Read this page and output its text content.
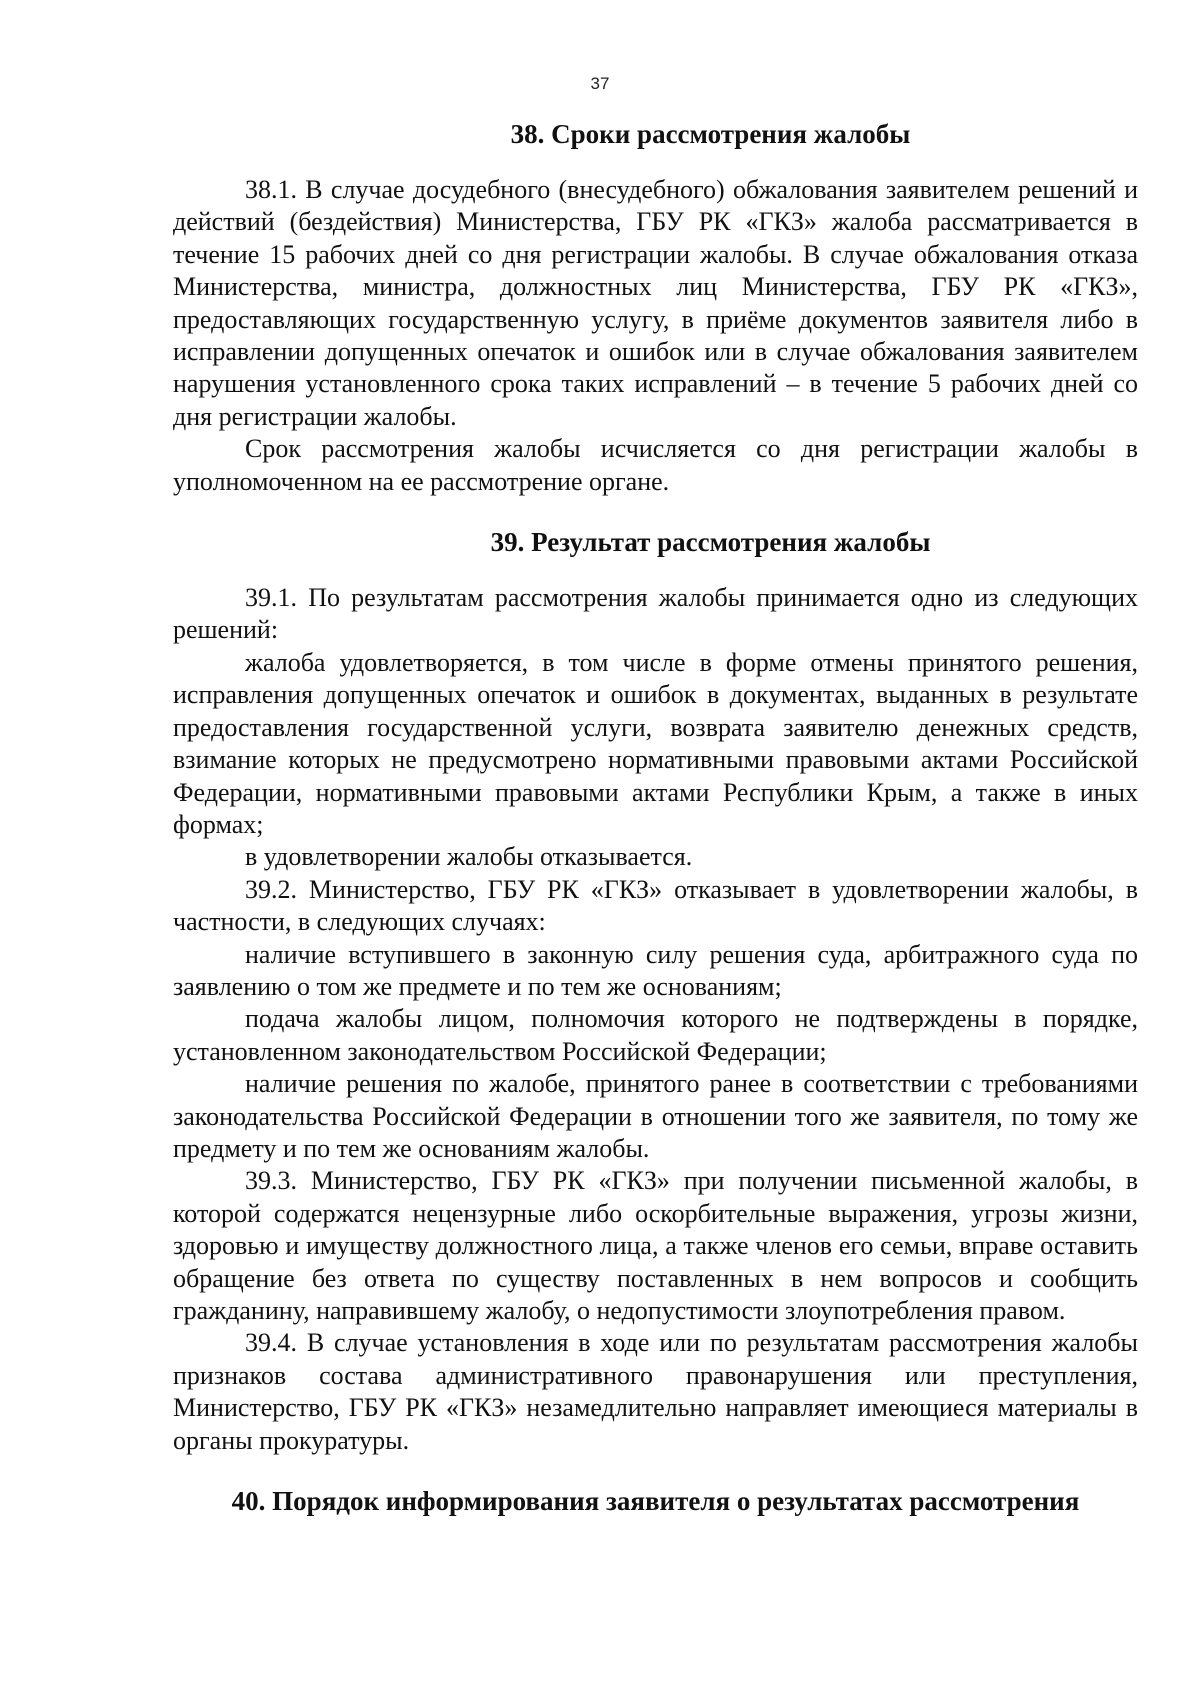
37
38. Сроки рассмотрения жалобы

38.1. В случае досудебного (внесудебного) обжалования заявителем решений и действий (бездействия) Министерства, ГБУ РК «ГКЗ» жалоба рассматривается в течение 15 рабочих дней со дня регистрации жалобы. В случае обжалования отказа Министерства, министра, должностных лиц Министерства, ГБУ РК «ГКЗ», предоставляющих государственную услугу, в приёме документов заявителя либо в исправлении допущенных опечаток и ошибок или в случае обжалования заявителем нарушения установленного срока таких исправлений – в течение 5 рабочих дней со дня регистрации жалобы.

Срок рассмотрения жалобы исчисляется со дня регистрации жалобы в уполномоченном на ее рассмотрение органе.

39. Результат рассмотрения жалобы

39.1. По результатам рассмотрения жалобы принимается одно из следующих решений:

жалоба удовлетворяется, в том числе в форме отмены принятого решения, исправления допущенных опечаток и ошибок в документах, выданных в результате предоставления государственной услуги, возврата заявителю денежных средств, взимание которых не предусмотрено нормативными правовыми актами Российской Федерации, нормативными правовыми актами Республики Крым, а также в иных формах;

в удовлетворении жалобы отказывается.

39.2. Министерство, ГБУ РК «ГКЗ» отказывает в удовлетворении жалобы, в частности, в следующих случаях:

наличие вступившего в законную силу решения суда, арбитражного суда по заявлению о том же предмете и по тем же основаниям;

подача жалобы лицом, полномочия которого не подтверждены в порядке, установленном законодательством Российской Федерации;

наличие решения по жалобе, принятого ранее в соответствии с требованиями законодательства Российской Федерации в отношении того же заявителя, по тому же предмету и по тем же основаниям жалобы.

39.3. Министерство, ГБУ РК «ГКЗ» при получении письменной жалобы, в которой содержатся нецензурные либо оскорбительные выражения, угрозы жизни, здоровью и имуществу должностного лица, а также членов его семьи, вправе оставить обращение без ответа по существу поставленных в нем вопросов и сообщить гражданину, направившему жалобу, о недопустимости злоупотребления правом.

39.4. В случае установления в ходе или по результатам рассмотрения жалобы признаков состава административного правонарушения или преступления, Министерство, ГБУ РК «ГКЗ» незамедлительно направляет имеющиеся материалы в органы прокуратуры.

40. Порядок информирования заявителя о результатах рассмотрения
